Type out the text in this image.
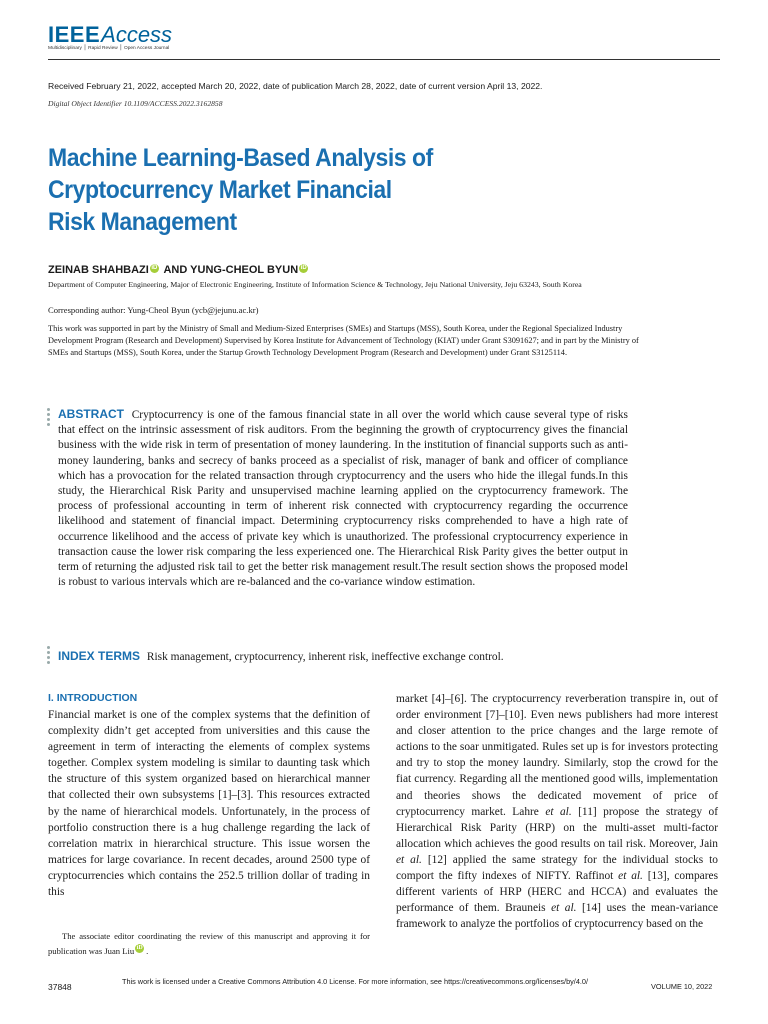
IEEEAccess
Multidisciplinary ⎪ Rapid Review ⎪ Open Access Journal
Received February 21, 2022, accepted March 20, 2022, date of publication March 28, 2022, date of current version April 13, 2022.
Digital Object Identifier 10.1109/ACCESS.2022.3162858
Machine Learning-Based Analysis of
Cryptocurrency Market Financial
Risk Management
ZEINAB SHAHBAZI iD AND YUNG-CHEOL BYUN iD
Department of Computer Engineering, Major of Electronic Engineering, Institute of Information Science & Technology, Jeju National University, Jeju 63243, South Korea
Corresponding author: Yung-Cheol Byun (ycb@jejunu.ac.kr)
This work was supported in part by the Ministry of Small and Medium-Sized Enterprises (SMEs) and Startups (MSS), South Korea, under the Regional Specialized Industry Development Program (Research and Development) Supervised by Korea Institute for Advancement of Technology (KIAT) under Grant S3091627; and in part by the Ministry of SMEs and Startups (MSS), South Korea, under the Startup Growth Technology Development Program (Research and Development) under Grant S3125114.
ABSTRACT Cryptocurrency is one of the famous financial state in all over the world which cause several type of risks that effect on the intrinsic assessment of risk auditors. From the beginning the growth of cryptocurrency gives the financial business with the wide risk in term of presentation of money laundering. In the institution of financial supports such as anti-money laundering, banks and secrecy of banks proceed as a specialist of risk, manager of bank and officer of compliance which has a provocation for the related transaction through cryptocurrency and the users who hide the illegal funds.In this study, the Hierarchical Risk Parity and unsupervised machine learning applied on the cryptocurrency framework. The process of professional accounting in term of inherent risk connected with cryptocurrency regarding the occurrence likelihood and statement of financial impact. Determining cryptocurrency risks comprehended to have a high rate of occurrence likelihood and the access of private key which is unauthorized. The professional cryptocurrency experience in transaction cause the lower risk comparing the less experienced one. The Hierarchical Risk Parity gives the better output in term of returning the adjusted risk tail to get the better risk management result.The result section shows the proposed model is robust to various intervals which are re-balanced and the co-variance window estimation.
INDEX TERMS Risk management, cryptocurrency, inherent risk, ineffective exchange control.
I. INTRODUCTION
Financial market is one of the complex systems that the definition of complexity didn’t get accepted from universities and this cause the agreement in term of interacting the elements of complex systems together. Complex system modeling is similar to daunting task which the structure of this system organized based on hierarchical manner that collected their own subsystems [1]–[3]. This resources extracted by the name of hierarchical models. Unfortunately, in the process of portfolio construction there is a hug challenge regarding the lack of correlation matrix in hierarchical structure. This issue worsen the matrices for large covariance. In recent decades, around 2500 type of cryptocurrencies which contains the 252.5 trillion dollar of trading in this
market [4]–[6]. The cryptocurrency reverberation transpire in, out of order environment [7]–[10]. Even news publishers had more interest and closer attention to the price changes and the large remote of actions to the soar unmitigated. Rules set up is for investors protecting and try to stop the money laundry. Similarly, stop the crowd for the fiat currency. Regarding all the mentioned good wills, implementation and theories shows the dedicated movement of price of cryptocurrency market. Lahre et al. [11] propose the strategy of Hierarchical Risk Parity (HRP) on the multi-asset multi-factor allocation which achieves the good results on tail risk. Moreover, Jain et al. [12] applied the same strategy for the individual stocks to comport the fifty indexes of NIFTY. Raffinot et al. [13], compares different varients of HRP (HERC and HCCA) and evaluates the performance of them. Brauneis et al. [14] uses the mean-variance framework to analyze the portfolios of cryptocurrency based on the
The associate editor coordinating the review of this manuscript and approving it for publication was Juan Liu iD .
37848
This work is licensed under a Creative Commons Attribution 4.0 License. For more information, see https://creativecommons.org/licenses/by/4.0/
VOLUME 10, 2022
